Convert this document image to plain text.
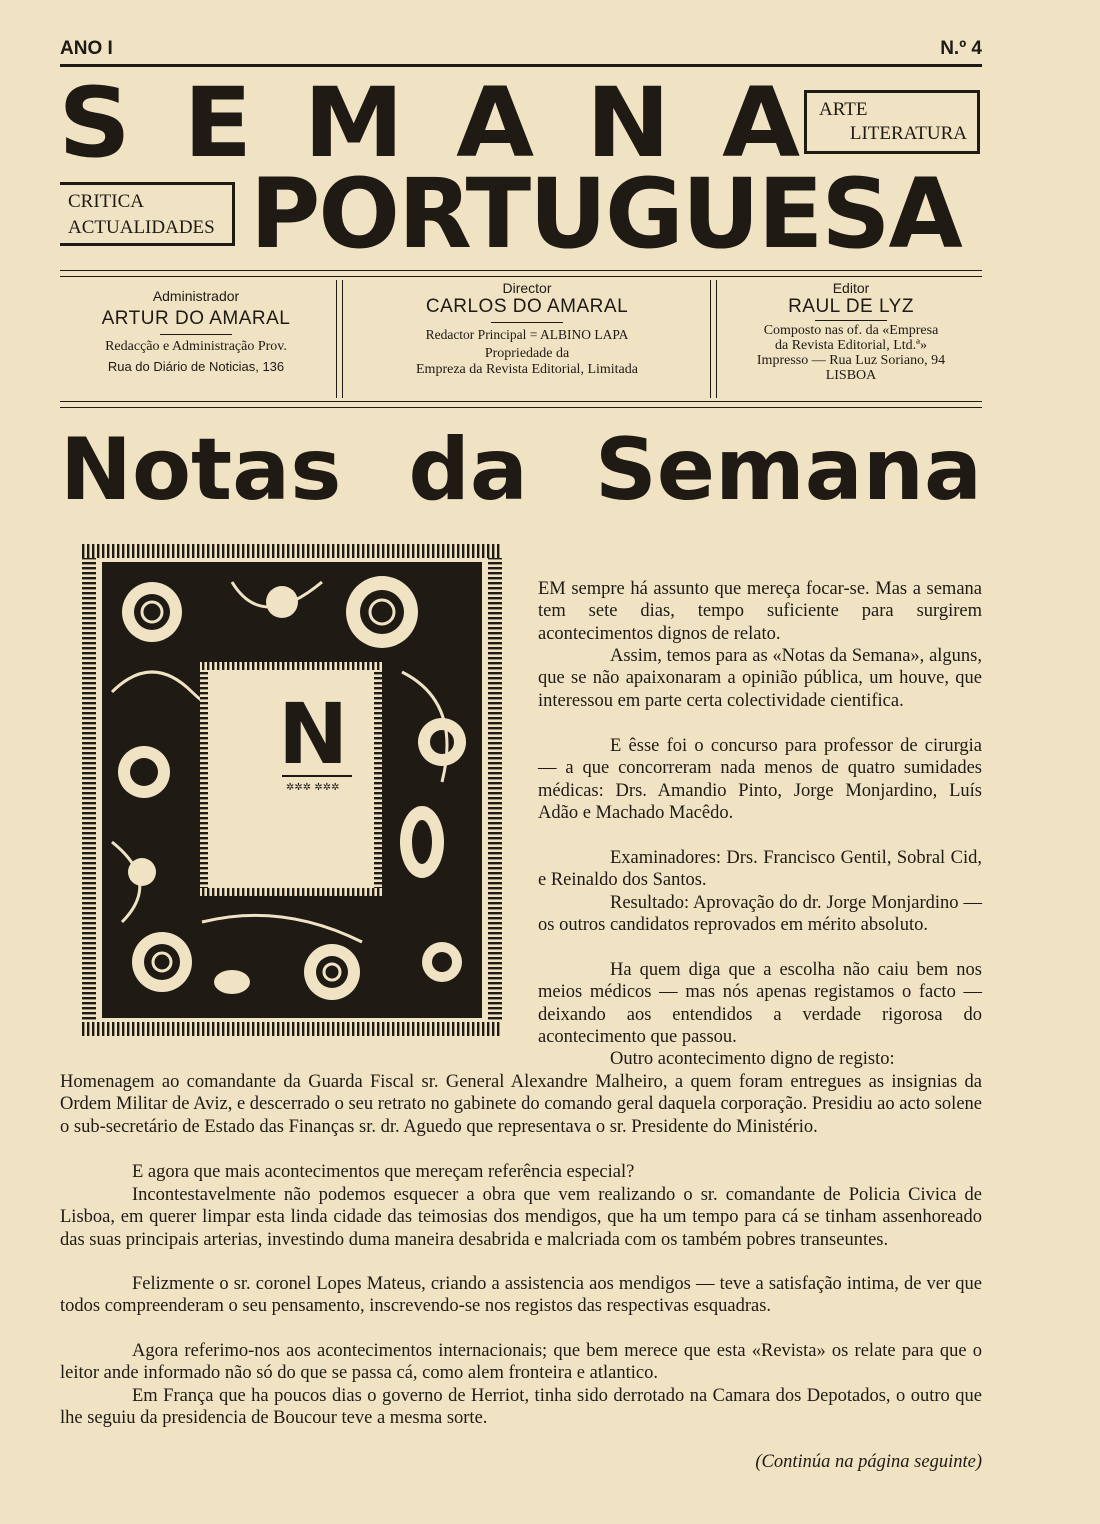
ANO I	N.º 4
S E M A N A ARTE
LITERATURA
CRITICA
ACTUALIDADES PORTUGUESA
Administrador
ARTUR DO AMARAL
Redacção e Administração Prov.
Rua do Diário de Noticias, 136
Director
CARLOS DO AMARAL
Redactor Principal = ALBINO LAPA
Propriedade da
Empreza da Revista Editorial, Limitada
Editor
RAUL DE LYZ
Composto nas of. da «Empresa
da Revista Editorial, Ltd.ª»
Impresso — Rua Luz Soriano, 94
LISBOA
Notas da Semana
✲✲✲ ✲✲✲
N

EM sempre há assunto que mereça focar-se. Mas a semana tem sete dias, tempo suficiente para surgirem acontecimentos dignos de relato.

Assim, temos para as «Notas da Semana», alguns, que se não apaixonaram a opinião pública, um houve, que interessou em parte certa colectividade cientifica.

E êsse foi o concurso para professor de cirurgia — a que concorreram nada menos de quatro sumidades médicas: Drs. Amandio Pinto, Jorge Monjardino, Luís Adão e Machado Macêdo.

Examinadores: Drs. Francisco Gentil, Sobral Cid, e Reinaldo dos Santos.

Resultado: Aprovação do dr. Jorge Monjardino — os outros candidatos reprovados em mérito absoluto.

Ha quem diga que a escolha não caiu bem nos meios médicos — mas nós apenas registamos o facto — deixando aos entendidos a verdade rigorosa do acontecimento que passou.

Outro acontecimento digno de registo:

Homenagem ao comandante da Guarda Fiscal sr. General Alexandre Malheiro, a quem foram entregues as insignias da Ordem Militar de Aviz, e descerrado o seu retrato no gabinete do comando geral daquela corporação. Presidiu ao acto solene o sub-secretário de Estado das Finanças sr. dr. Aguedo que representava o sr. Presidente do Ministério.

E agora que mais acontecimentos que mereçam referência especial?

Incontestavelmente não podemos esquecer a obra que vem realizando o sr. comandante de Policia Civica de Lisboa, em querer limpar esta linda cidade das teimosias dos mendigos, que ha um tempo para cá se tinham assenhoreado das suas principais arterias, investindo duma maneira desabrida e malcriada com os também pobres transeuntes.

Felizmente o sr. coronel Lopes Mateus, criando a assistencia aos mendigos — teve a satisfação intima, de ver que todos compreenderam o seu pensamento, inscrevendo-se nos registos das respectivas esquadras.

Agora referimo-nos aos acontecimentos internacionais; que bem merece que esta «Revista» os relate para que o leitor ande informado não só do que se passa cá, como alem fronteira e atlantico.

Em França que ha poucos dias o governo de Herriot, tinha sido derrotado na Camara dos Depotados, o outro que lhe seguiu da presidencia de Boucour teve a mesma sorte.

(Continúa na página seguinte)
